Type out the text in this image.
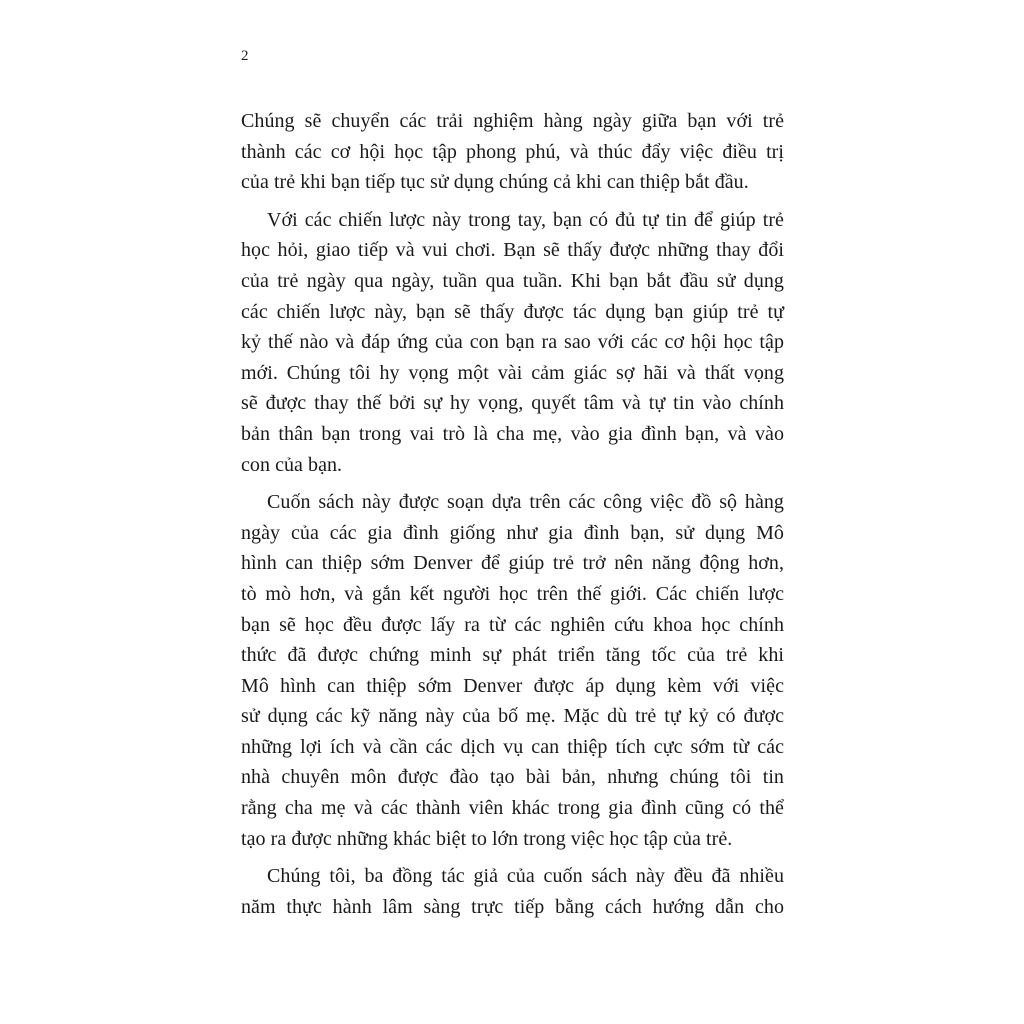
2
Chúng sẽ chuyển các trải nghiệm hàng ngày giữa bạn với trẻ
thành các cơ hội học tập phong phú, và thúc đẩy việc điều trị
của trẻ khi bạn tiếp tục sử dụng chúng cả khi can thiệp bắt đầu.
Với các chiến lược này trong tay, bạn có đủ tự tin để giúp trẻ
học hỏi, giao tiếp và vui chơi. Bạn sẽ thấy được những thay đổi
của trẻ ngày qua ngày, tuần qua tuần. Khi bạn bắt đầu sử dụng
các chiến lược này, bạn sẽ thấy được tác dụng bạn giúp trẻ tự
kỷ thế nào và đáp ứng của con bạn ra sao với các cơ hội học tập
mới. Chúng tôi hy vọng một vài cảm giác sợ hãi và thất vọng
sẽ được thay thế bởi sự hy vọng, quyết tâm và tự tin vào chính
bản thân bạn trong vai trò là cha mẹ, vào gia đình bạn, và vào
con của bạn.
Cuốn sách này được soạn dựa trên các công việc đồ sộ hàng
ngày của các gia đình giống như gia đình bạn, sử dụng Mô
hình can thiệp sớm Denver để giúp trẻ trở nên năng động hơn,
tò mò hơn, và gắn kết người học trên thế giới. Các chiến lược
bạn sẽ học đều được lấy ra từ các nghiên cứu khoa học chính
thức đã được chứng minh sự phát triển tăng tốc của trẻ khi
Mô hình can thiệp sớm Denver được áp dụng kèm với việc
sử dụng các kỹ năng này của bố mẹ. Mặc dù trẻ tự kỷ có được
những lợi ích và cần các dịch vụ can thiệp tích cực sớm từ các
nhà chuyên môn được đào tạo bài bản, nhưng chúng tôi tin
rằng cha mẹ và các thành viên khác trong gia đình cũng có thể
tạo ra được những khác biệt to lớn trong việc học tập của trẻ.
Chúng tôi, ba đồng tác giả của cuốn sách này đều đã nhiều
năm thực hành lâm sàng trực tiếp bằng cách hướng dẫn cho
